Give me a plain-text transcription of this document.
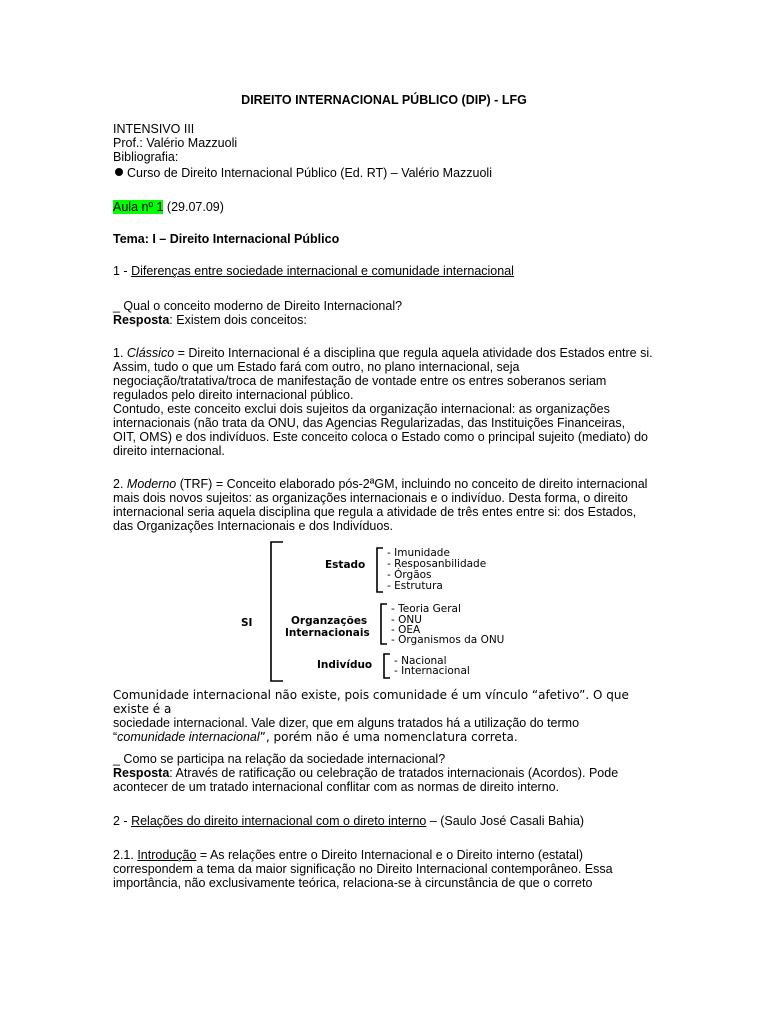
DIREITO INTERNACIONAL PÚBLICO (DIP) - LFG
INTENSIVO III
Prof.: Valério Mazzuoli
Bibliografia:
Curso de Direito Internacional Público (Ed. RT) – Valério Mazzuoli
Aula nº 1 (29.07.09)
Tema: I – Direito Internacional Público
1 - Diferenças entre sociedade internacional e comunidade internacional
_ Qual o conceito moderno de Direito Internacional?
Resposta: Existem dois conceitos:
1. Clássico = Direito Internacional é a disciplina que regula aquela atividade dos Estados entre si.
Assim, tudo o que um Estado fará com outro, no plano internacional, seja
negociação/tratativa/troca de manifestação de vontade entre os entres soberanos seriam
regulados pelo direito internacional público.
Contudo, este conceito exclui dois sujeitos da organização internacional: as organizações
internacionais (não trata da ONU, das Agencias Regularizadas, das Instituições Financeiras,
OIT, OMS) e dos indivíduos. Este conceito coloca o Estado como o principal sujeito (mediato) do
direito internacional.
2. Moderno (TRF) = Conceito elaborado pós-2ªGM, incluindo no conceito de direito internacional
mais dois novos sujeitos: as organizações internacionais e o indivíduo. Desta forma, o direito
internacional seria aquela disciplina que regula a atividade de três entes entre si: dos Estados,
das Organizações Internacionais e dos Indivíduos.
SI
Estado
- Imunidade
- Resposanbilidade
- Órgãos
- Estrutura
Organzações
Internacionais
- Teoria Geral
- ONU
- OEA
- Organismos da ONU
Indivíduo - Nacional
- Internacional
Comunidade internacional não existe, pois comunidade é um vínculo “afetivo”. O que existe é a
sociedade internacional. Vale dizer, que em alguns tratados há a utilização do termo
“comunidade internacional”, porém não é uma nomenclatura correta.
_ Como se participa na relação da sociedade internacional?
Resposta: Através de ratificação ou celebração de tratados internacionais (Acordos). Pode
acontecer de um tratado internacional conflitar com as normas de direito interno.
2 - Relações do direito internacional com o direto interno – (Saulo José Casali Bahia)
2.1. Introdução = As relações entre o Direito Internacional e o Direito interno (estatal)
correspondem a tema da maior significação no Direito Internacional contemporâneo. Essa
importância, não exclusivamente teórica, relaciona-se à circunstância de que o correto
